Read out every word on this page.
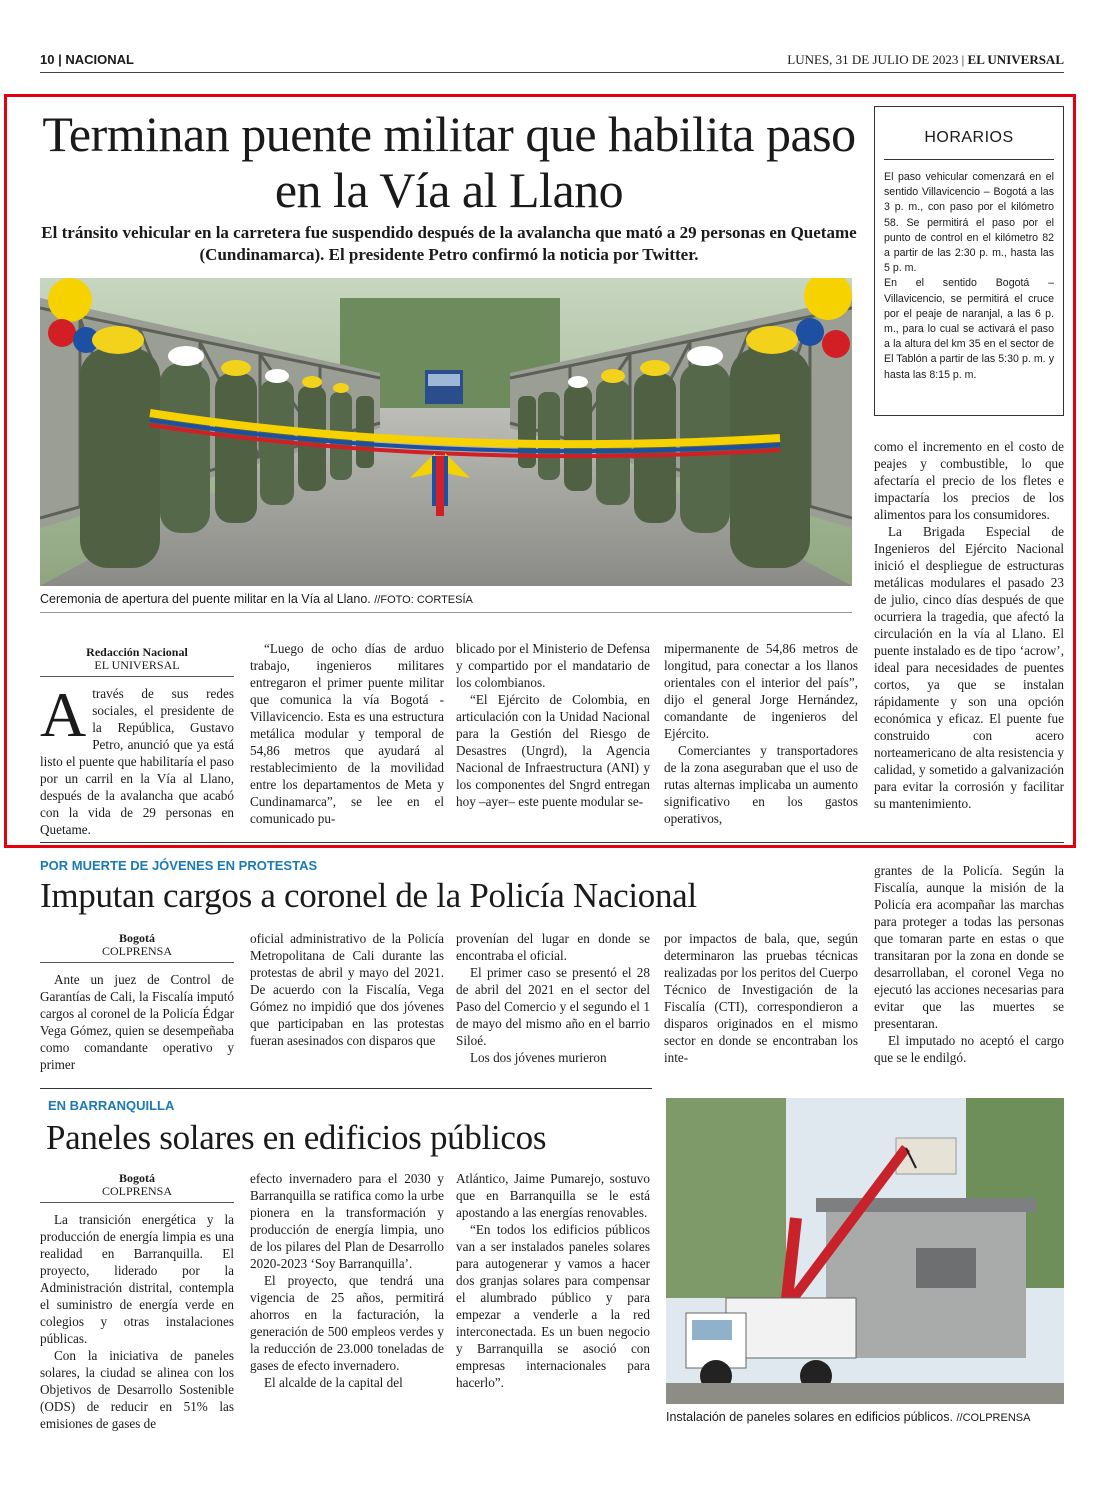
10 | NACIONAL	LUNES, 31 DE JULIO DE 2023 | EL UNIVERSAL
Terminan puente militar que habilita paso en la Vía al Llano
El tránsito vehicular en la carretera fue suspendido después de la avalancha que mató a 29 personas en Quetame (Cundinamarca). El presidente Petro confirmó la noticia por Twitter.
Ceremonia de apertura del puente militar en la Vía al Llano. //FOTO: CORTESÍA
HORARIOS

El paso vehicular comenzará en el sentido Villavicencio – Bogotá a las 3 p. m., con paso por el kilómetro 58. Se permitirá el paso por el punto de control en el kilómetro 82 a partir de las 2:30 p. m., hasta las 5 p. m.

En el sentido Bogotá – Villavicencio, se permitirá el cruce por el peaje de naranjal, a las 6 p. m., para lo cual se activará el paso a la altura del km 35 en el sector de El Tablón a partir de las 5:30 p. m. y hasta las 8:15 p. m.

Redacción Nacional
EL UNIVERSAL

Através de sus redes sociales, el presidente de la República, Gustavo Petro, anunció que ya está listo el puente que habilitaría el paso por un carril en la Vía al Llano, después de la avalancha que acabó con la vida de 29 personas en Quetame.

“Luego de ocho días de arduo trabajo, ingenieros militares entregaron el primer puente militar que comunica la vía Bogotá - Villavicencio. Esta es una estructura metálica modular y temporal de 54,86 metros que ayudará al restablecimiento de la movilidad entre los departamentos de Meta y Cundinamarca”, se lee en el comunicado pu-

blicado por el Ministerio de Defensa y compartido por el mandatario de los colombianos.

“El Ejército de Colombia, en articulación con la Unidad Nacional para la Gestión del Riesgo de Desastres (Ungrd), la Agencia Nacional de Infraestructura (ANI) y los componentes del Sngrd entregan hoy –ayer– este puente modular se-

mipermanente de 54,86 metros de longitud, para conectar a los llanos orientales con el interior del país”, dijo el general Jorge Hernández, comandante de ingenieros del Ejército.

Comerciantes y transportadores de la zona aseguraban que el uso de rutas alternas implicaba un aumento significativo en los gastos operativos,

como el incremento en el costo de peajes y combustible, lo que afectaría el precio de los fletes e impactaría los precios de los alimentos para los consumidores.

La Brigada Especial de Ingenieros del Ejército Nacional inició el despliegue de estructuras metálicas modulares el pasado 23 de julio, cinco días después de que ocurriera la tragedia, que afectó la circulación en la vía al Llano. El puente instalado es de tipo ‘acrow’, ideal para necesidades de puentes cortos, ya que se instalan rápidamente y son una opción económica y eficaz. El puente fue construido con acero norteamericano de alta resistencia y calidad, y sometido a galvanización para evitar la corrosión y facilitar su mantenimiento.

POR MUERTE DE JÓVENES EN PROTESTAS
Imputan cargos a coronel de la Policía Nacional
Bogotá
COLPRENSA

Ante un juez de Control de Garantías de Cali, la Fiscalía imputó cargos al coronel de la Policía Édgar Vega Gómez, quien se desempeñaba como comandante operativo y primer

oficial administrativo de la Policía Metropolitana de Cali durante las protestas de abril y mayo del 2021. De acuerdo con la Fiscalía, Vega Gómez no impidió que dos jóvenes que participaban en las protestas fueran asesinados con disparos que

provenían del lugar en donde se encontraba el oficial.

El primer caso se presentó el 28 de abril del 2021 en el sector del Paso del Comercio y el segundo el 1 de mayo del mismo año en el barrio Siloé.

Los dos jóvenes murieron

por impactos de bala, que, según determinaron las pruebas técnicas realizadas por los peritos del Cuerpo Técnico de Investigación de la Fiscalía (CTI), correspondieron a disparos originados en el mismo sector en donde se encontraban los inte-

grantes de la Policía. Según la Fiscalía, aunque la misión de la Policía era acompañar las marchas para proteger a todas las personas que tomaran parte en estas o que transitaran por la zona en donde se desarrollaban, el coronel Vega no ejecutó las acciones necesarias para evitar que las muertes se presentaran.

El imputado no aceptó el cargo que se le endilgó.

EN BARRANQUILLA
Paneles solares en edificios públicos
Bogotá
COLPRENSA

La transición energética y la producción de energía limpia es una realidad en Barranquilla. El proyecto, liderado por la Administración distrital, contempla el suministro de energía verde en colegios y otras instalaciones públicas.

Con la iniciativa de paneles solares, la ciudad se alinea con los Objetivos de Desarrollo Sostenible (ODS) de reducir en 51% las emisiones de gases de

efecto invernadero para el 2030 y Barranquilla se ratifica como la urbe pionera en la transformación y producción de energía limpia, uno de los pilares del Plan de Desarrollo 2020-2023 ‘Soy Barranquilla’.

El proyecto, que tendrá una vigencia de 25 años, permitirá ahorros en la facturación, la generación de 500 empleos verdes y la reducción de 23.000 toneladas de gases de efecto invernadero.

El alcalde de la capital del

Atlántico, Jaime Pumarejo, sostuvo que en Barranquilla se le está apostando a las energías renovables.

“En todos los edificios públicos van a ser instalados paneles solares para autogenerar y vamos a hacer dos granjas solares para compensar el alumbrado público y para empezar a venderle a la red interconectada. Es un buen negocio y Barranquilla se asoció con empresas internacionales para hacerlo”.

Instalación de paneles solares en edificios públicos. //COLPRENSA
